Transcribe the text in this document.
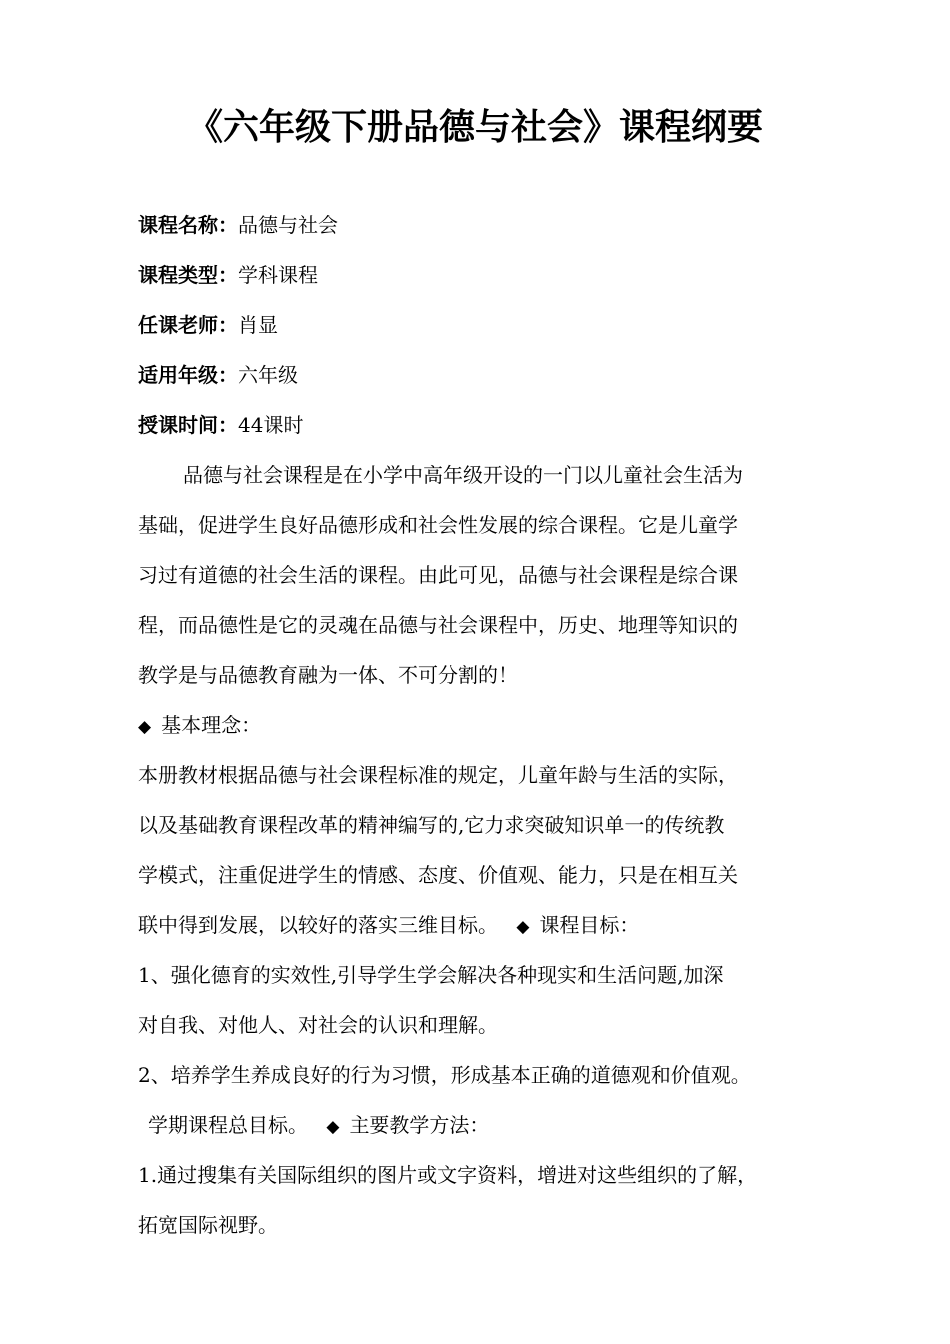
《六年级下册品德与社会》课程纲要
课程名称：品德与社会
课程类型：学科课程
任课老师：肖显
适用年级：六年级
授课时间：44课时
品德与社会课程是在小学中高年级开设的一门以儿童社会生活为
基础，促进学生良好品德形成和社会性发展的综合课程。它是儿童学
习过有道德的社会生活的课程。由此可见，品德与社会课程是综合课
程，而品德性是它的灵魂在品德与社会课程中，历史、地理等知识的
教学是与品德教育融为一体、不可分割的！
◆ 基本理念：
本册教材根据品德与社会课程标准的规定，儿童年龄与生活的实际，
以及基础教育课程改革的精神编写的,它力求突破知识单一的传统教
学模式，注重促进学生的情感、态度、价值观、能力，只是在相互关
联中得到发展，以较好的落实三维目标。 ◆ 课程目标：
1、强化德育的实效性,引导学生学会解决各种现实和生活问题,加深
对自我、对他人、对社会的认识和理解。
2、培养学生养成良好的行为习惯，形成基本正确的道德观和价值观。
学期课程总目标。 ◆ 主要教学方法：
1.通过搜集有关国际组织的图片或文字资料，增进对这些组织的了解，
拓宽国际视野。
